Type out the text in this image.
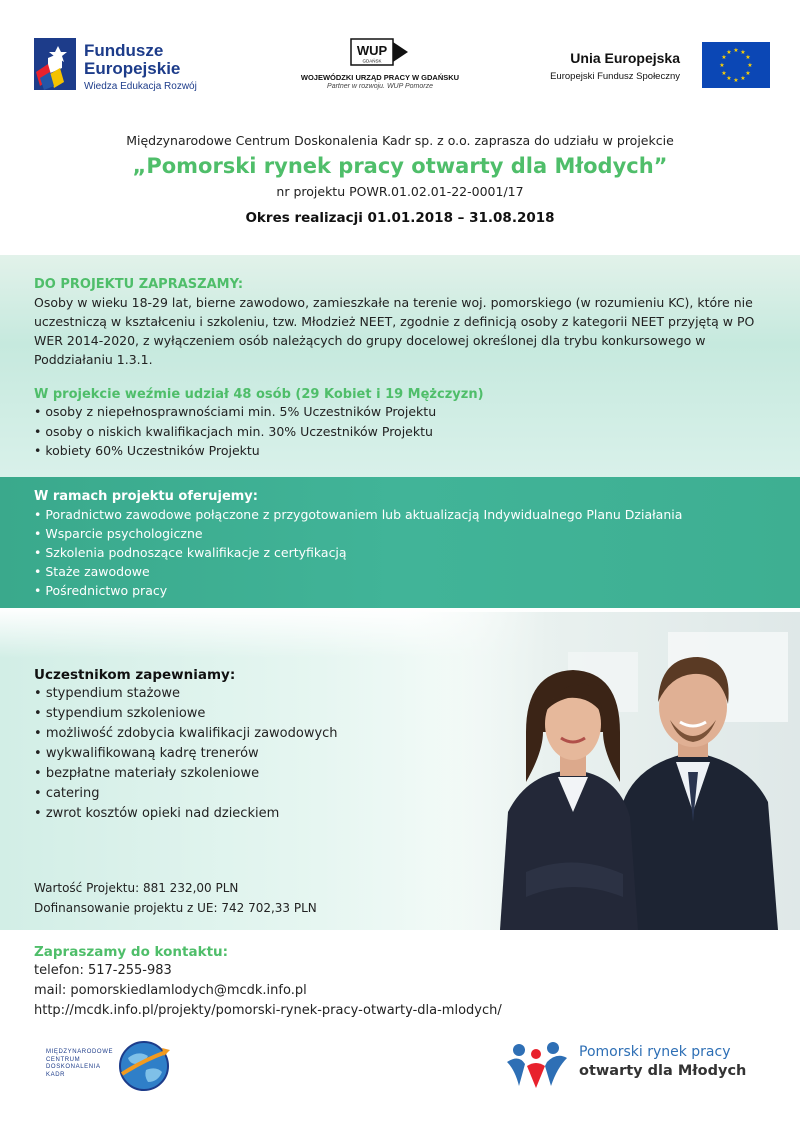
Fundusze
Europejskie
Wiedza Edukacja Rozwój
WUP
GDAŃSK
WOJEWÓDZKI URZĄD PRACY W GDAŃSKU
Partner w rozwoju. WUP Pomorze
Unia Europejska
Europejski Fundusz Społeczny
★ ★
★
★
★
★
★
★
★
★
★
★
Międzynarodowe Centrum Doskonalenia Kadr sp. z o.o. zaprasza do udziału w projekcie
„Pomorski rynek pracy otwarty dla Młodych”
nr projektu POWR.01.02.01-22-0001/17
Okres realizacji 01.01.2018 – 31.08.2018
DO PROJEKTU ZAPRASZAMY:
Osoby w wieku 18-29 lat, bierne zawodowo, zamieszkałe na terenie woj. pomorskiego (w rozumieniu KC), które nie uczestniczą w kształceniu i szkoleniu, tzw. Młodzież NEET, zgodnie z definicją osoby z kategorii NEET przyjętą w PO WER 2014-2020, z wyłączeniem osób należących do grupy docelowej określonej dla trybu konkursowego w Poddziałaniu 1.3.1.
W projekcie weźmie udział 48 osób (29 Kobiet i 19 Mężczyzn)
• osoby z niepełnosprawnościami min. 5% Uczestników Projektu
• osoby o niskich kwalifikacjach min. 30% Uczestników Projektu
• kobiety 60% Uczestników Projektu
W ramach projektu oferujemy:
• Poradnictwo zawodowe połączone z przygotowaniem lub aktualizacją Indywidualnego Planu Działania
• Wsparcie psychologiczne
• Szkolenia podnoszące kwalifikacje z certyfikacją
• Staże zawodowe
• Pośrednictwo pracy
Uczestnikom zapewniamy:
• stypendium stażowe
• stypendium szkoleniowe
• możliwość zdobycia kwalifikacji zawodowych
• wykwalifikowaną kadrę trenerów
• bezpłatne materiały szkoleniowe
• catering
• zwrot kosztów opieki nad dzieckiem
Wartość Projektu: 881 232,00 PLN
Dofinansowanie projektu z UE: 742 702,33 PLN
Zapraszamy do kontaktu:
telefon: 517-255-983
mail: pomorskiedlamlodych@mcdk.info.pl
http://mcdk.info.pl/projekty/pomorski-rynek-pracy-otwarty-dla-mlodych/
MIĘDZYNARODOWE
CENTRUM
DOSKONALENIA
KADR
Pomorski rynek pracy
otwarty dla Młodych
